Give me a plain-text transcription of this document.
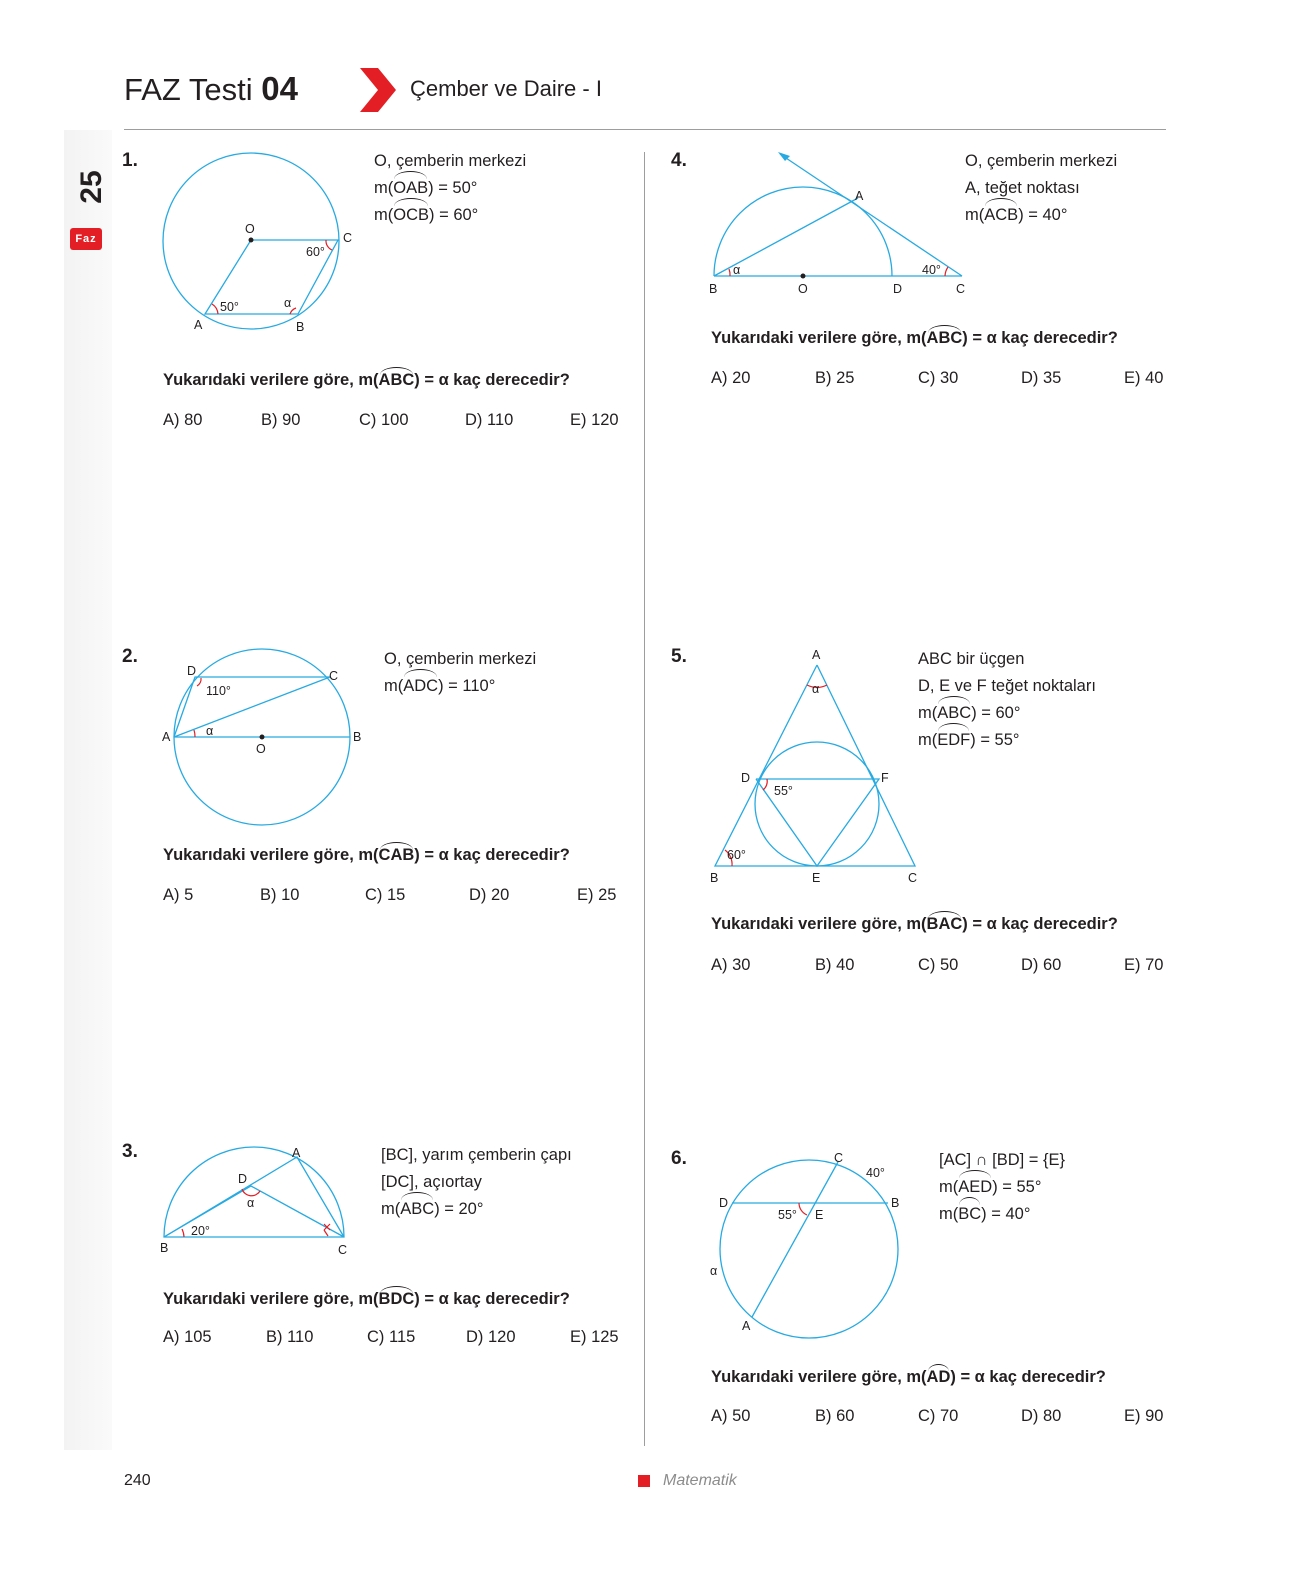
25
Faz
FAZ Testi 04	Çember ve Daire - I
1.	O, çemberin merkezi
m(OAB) = 50°
m(OCB) = 60°
Yukarıdaki verilere göre, m(ABC) = α kaç derecedir?
A) 80	B) 90	C) 100	D) 110	E) 120
2.	O, çemberin merkezi
m(ADC) = 110°
Yukarıdaki verilere göre, m(CAB) = α kaç derecedir?
A) 5	B) 10	C) 15	D) 20	E) 25
3.	[BC], yarım çemberin çapı
[DC], açıortay
m(ABC) = 20°
Yukarıdaki verilere göre, m(BDC) = α kaç derecedir?
A) 105	B) 110	C) 115	D) 120	E) 125
4.	O, çemberin merkezi
A, teğet noktası
m(ACB) = 40°
Yukarıdaki verilere göre, m(ABC) = α kaç derecedir?
A) 20	B) 25	C) 30	D) 35	E) 40
5.	ABC bir üçgen
D, E ve F teğet noktaları
m(ABC) = 60°
m(EDF) = 55°
Yukarıdaki verilere göre, m(BAC) = α kaç derecedir?
A) 30	B) 40	C) 50	D) 60	E) 70
6.	[AC] ∩ [BD] = {E}
m(AED) = 55°
m(BC) = 40°
Yukarıdaki verilere göre, m(AD) = α kaç derecedir?
A) 50	B) 60	C) 70	D) 80	E) 90
O
C
A	B
60°
50°	α
D	C
A	B
O
110°
α
A
D
B	C
20°
α
A
B	O	D	C
40°
α
A
D	F
B	E	C
55°
60°
α
C
D	B
E
A
40°
55°
α
240	Matematik
